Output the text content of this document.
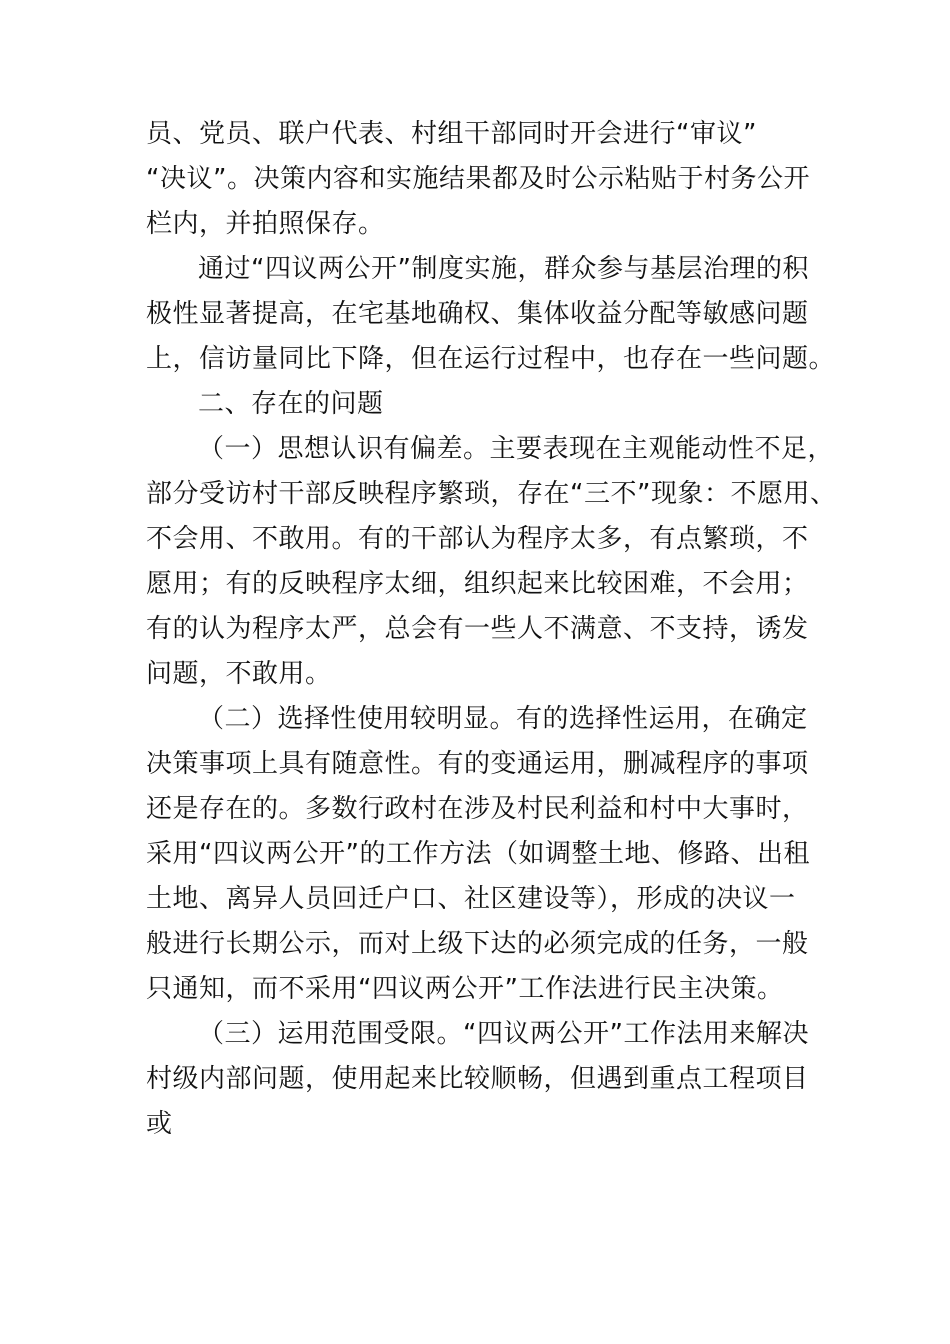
员、党员、联户代表、村组干部同时开会进行“审议”
“决议”。决策内容和实施结果都及时公示粘贴于村务公开
栏内，并拍照保存。
通过“四议两公开”制度实施，群众参与基层治理的积
极性显著提高，在宅基地确权、集体收益分配等敏感问题
上，信访量同比下降，但在运行过程中，也存在一些问题。
二、存在的问题
（一）思想认识有偏差。主要表现在主观能动性不足，
部分受访村干部反映程序繁琐，存在“三不”现象：不愿用、
不会用、不敢用。有的干部认为程序太多，有点繁琐，不
愿用；有的反映程序太细，组织起来比较困难，不会用；
有的认为程序太严，总会有一些人不满意、不支持，诱发
问题，不敢用。
（二）选择性使用较明显。有的选择性运用，在确定
决策事项上具有随意性。有的变通运用，删减程序的事项
还是存在的。多数行政村在涉及村民利益和村中大事时，
采用“四议两公开”的工作方法（如调整土地、修路、出租
土地、离异人员回迁户口、社区建设等），形成的决议一
般进行长期公示，而对上级下达的必须完成的任务，一般
只通知，而不采用“四议两公开”工作法进行民主决策。
（三）运用范围受限。“四议两公开”工作法用来解决
村级内部问题，使用起来比较顺畅，但遇到重点工程项目
或
